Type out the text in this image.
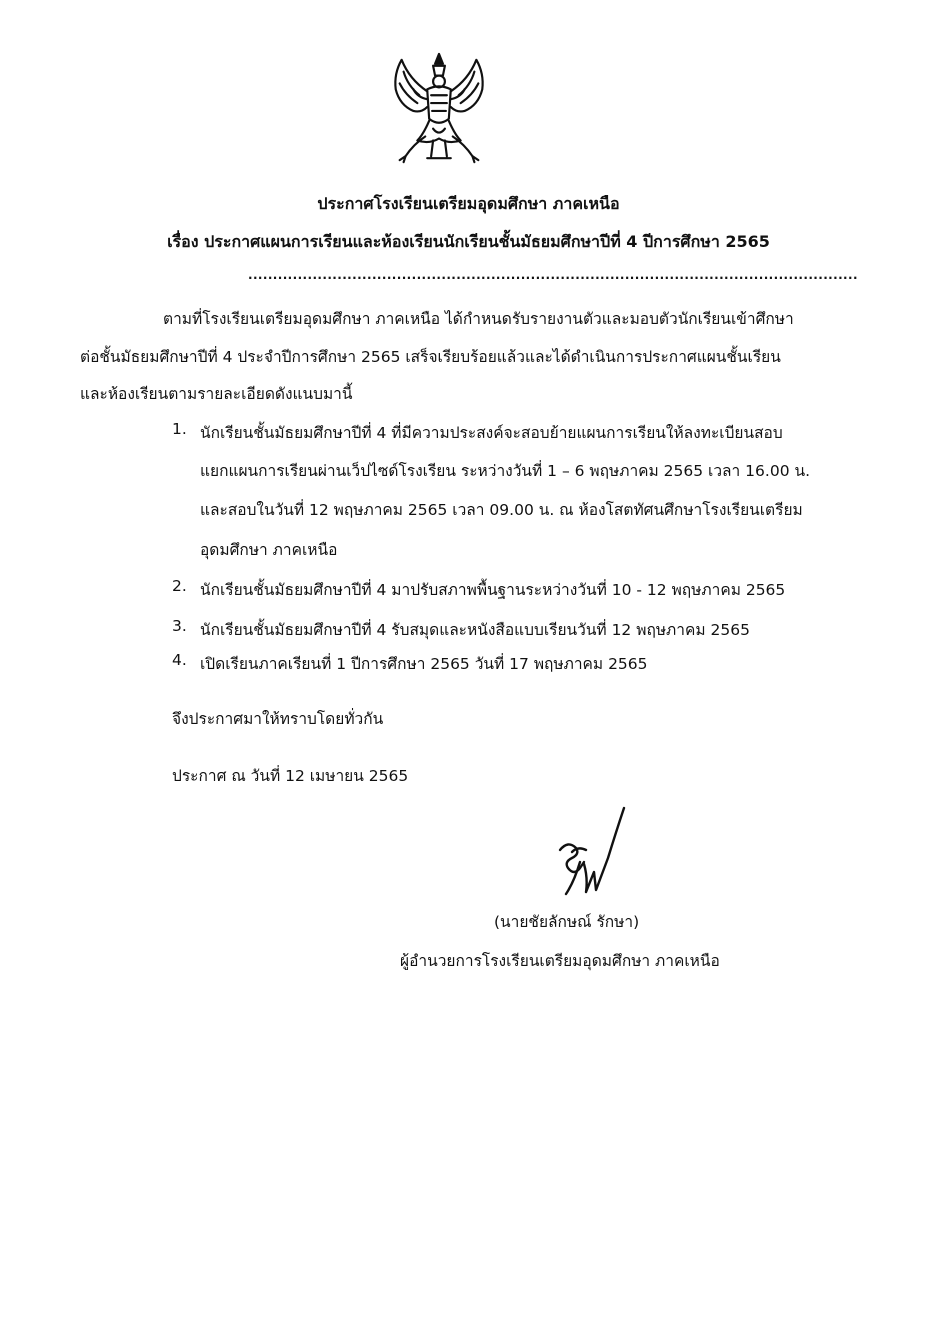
ประกาศโรงเรียนเตรียมอุดมศึกษา ภาคเหนือ
เรื่อง ประกาศแผนการเรียนและห้องเรียนนักเรียนชั้นมัธยมศึกษาปีที่ 4 ปีการศึกษา 2565
...........................................................................................................................
ตามที่โรงเรียนเตรียมอุดมศึกษา ภาคเหนือ ได้กำหนดรับรายงานตัวและมอบตัวนักเรียนเข้าศึกษา
ต่อชั้นมัธยมศึกษาปีที่ 4 ประจำปีการศึกษา 2565 เสร็จเรียบร้อยแล้วและได้ดำเนินการประกาศแผนชั้นเรียน
และห้องเรียนตามรายละเอียดดังแนบมานี้
1. นักเรียนชั้นมัธยมศึกษาปีที่ 4 ที่มีความประสงค์จะสอบย้ายแผนการเรียนให้ลงทะเบียนสอบ
แยกแผนการเรียนผ่านเว็ปไซด์โรงเรียน ระหว่างวันที่ 1 – 6 พฤษภาคม 2565 เวลา 16.00 น.
และสอบในวันที่ 12 พฤษภาคม 2565 เวลา 09.00 น. ณ ห้องโสตทัศนศึกษาโรงเรียนเตรียม
อุดมศึกษา ภาคเหนือ
2. นักเรียนชั้นมัธยมศึกษาปีที่ 4 มาปรับสภาพพื้นฐานระหว่างวันที่ 10 - 12 พฤษภาคม 2565
3. นักเรียนชั้นมัธยมศึกษาปีที่ 4 รับสมุดและหนังสือแบบเรียนวันที่ 12 พฤษภาคม 2565
4. เปิดเรียนภาคเรียนที่ 1 ปีการศึกษา 2565 วันที่ 17 พฤษภาคม 2565
จึงประกาศมาให้ทราบโดยทั่วกัน
ประกาศ ณ วันที่ 12 เมษายน 2565
(นายชัยลักษณ์ รักษา)
ผู้อำนวยการโรงเรียนเตรียมอุดมศึกษา ภาคเหนือ
